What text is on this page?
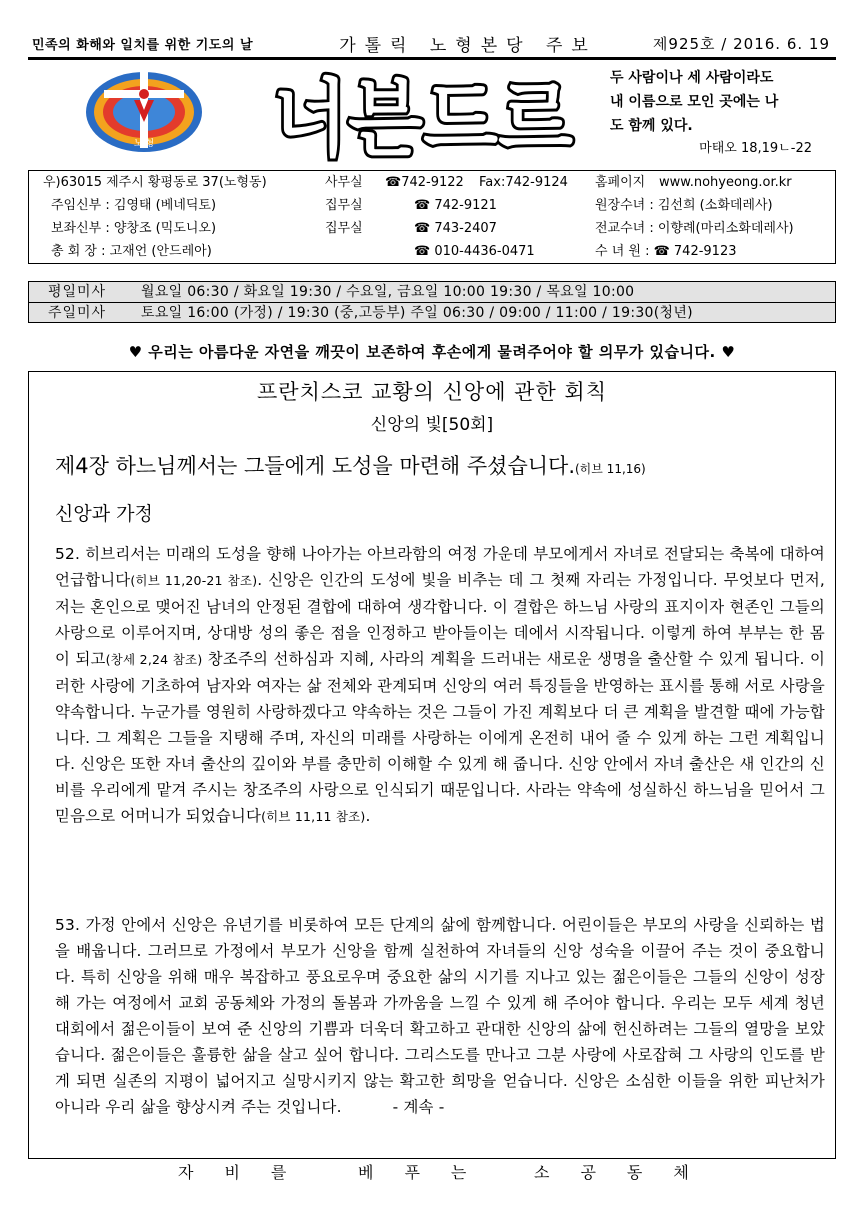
민족의 화해와 일치를 위한 기도의 날	가톨릭 노형본당 주보	제925호 / 2016. 6. 19
노 형 너븐드르	두 사람이나 세 사람이라도
내 이름으로 모인 곳에는 나
도 함께 있다.
마태오 18,19ㄴ-22
우)63015 제주시 황평동로 37(노형동)	사무실 ☎742-9122 Fax:742-9124 홈페이지 www.nohyeong.or.kr
주임신부 : 김영태 (베네딕토)	집무실	☎ 742-9121	원장수녀 : 김선희 (소화데레사)
보좌신부 : 양창조 (믹도니오)	집무실	☎ 743-2407	전교수녀 : 이향례(마리소화데레사)
총 회 장 : 고재언 (안드레아)	☎ 010-4436-0471	수 녀 원 : ☎ 742-9123
평일미사	월요일 06:30 / 화요일 19:30 / 수요일, 금요일 10:00 19:30 / 목요일 10:00
주일미사	토요일 16:00 (가정) / 19:30 (중,고등부) 주일 06:30 / 09:00 / 11:00 / 19:30(청년)
♥ 우리는 아름다운 자연을 깨끗이 보존하여 후손에게 물려주어야 할 의무가 있습니다. ♥
프란치스코 교황의 신앙에 관한 회칙
신앙의 빛[50회]
제4장 하느님께서는 그들에게 도성을 마련해 주셨습니다.(히브 11,16)
신앙과 가정
52. 히브리서는 미래의 도성을 향해 나아가는 아브라함의 여정 가운데 부모에게서 자녀로 전달되는 축복에 대하여 언급합니다(히브 11,20-21 참조). 신앙은 인간의 도성에 빛을 비추는 데 그 첫째 자리는 가정입니다. 무엇보다 먼저, 저는 혼인으로 맺어진 남녀의 안정된 결합에 대하여 생각합니다. 이 결합은 하느님 사랑의 표지이자 현존인 그들의 사랑으로 이루어지며, 상대방 성의 좋은 점을 인정하고 받아들이는 데에서 시작됩니다. 이렇게 하여 부부는 한 몸이 되고(창세 2,24 참조) 창조주의 선하심과 지혜, 사라의 계획을 드러내는 새로운 생명을 출산할 수 있게 됩니다. 이러한 사랑에 기초하여 남자와 여자는 삶 전체와 관계되며 신앙의 여러 특징들을 반영하는 표시를 통해 서로 사랑을 약속합니다. 누군가를 영원히 사랑하겠다고 약속하는 것은 그들이 가진 계획보다 더 큰 계획을 발견할 때에 가능합니다. 그 계획은 그들을 지탱해 주며, 자신의 미래를 사랑하는 이에게 온전히 내어 줄 수 있게 하는 그런 계획입니다. 신앙은 또한 자녀 출산의 깊이와 부를 충만히 이해할 수 있게 해 줍니다. 신앙 안에서 자녀 출산은 새 인간의 신비를 우리에게 맡겨 주시는 창조주의 사랑으로 인식되기 때문입니다. 사라는 약속에 성실하신 하느님을 믿어서 그 믿음으로 어머니가 되었습니다(히브 11,11 참조).
53. 가정 안에서 신앙은 유년기를 비롯하여 모든 단계의 삶에 함께합니다. 어린이들은 부모의 사랑을 신뢰하는 법을 배웁니다. 그러므로 가정에서 부모가 신앙을 함께 실천하여 자녀들의 신앙 성숙을 이끌어 주는 것이 중요합니다. 특히 신앙을 위해 매우 복잡하고 풍요로우며 중요한 삶의 시기를 지나고 있는 젊은이들은 그들의 신앙이 성장해 가는 여정에서 교회 공동체와 가정의 돌봄과 가까움을 느낄 수 있게 해 주어야 합니다. 우리는 모두 세계 청년 대회에서 젊은이들이 보여 준 신앙의 기쁨과 더욱더 확고하고 관대한 신앙의 삶에 헌신하려는 그들의 열망을 보았습니다. 젊은이들은 훌륭한 삶을 살고 싶어 합니다. 그리스도를 만나고 그분 사랑에 사로잡혀 그 사랑의 인도를 받게 되면 실존의 지평이 넓어지고 실망시키지 않는 확고한 희망을 얻습니다. 신앙은 소심한 이들을 위한 피난처가 아니라 우리 삶을 향상시켜 주는 것입니다.	- 계속 -
자비를	베푸는 소공동체
